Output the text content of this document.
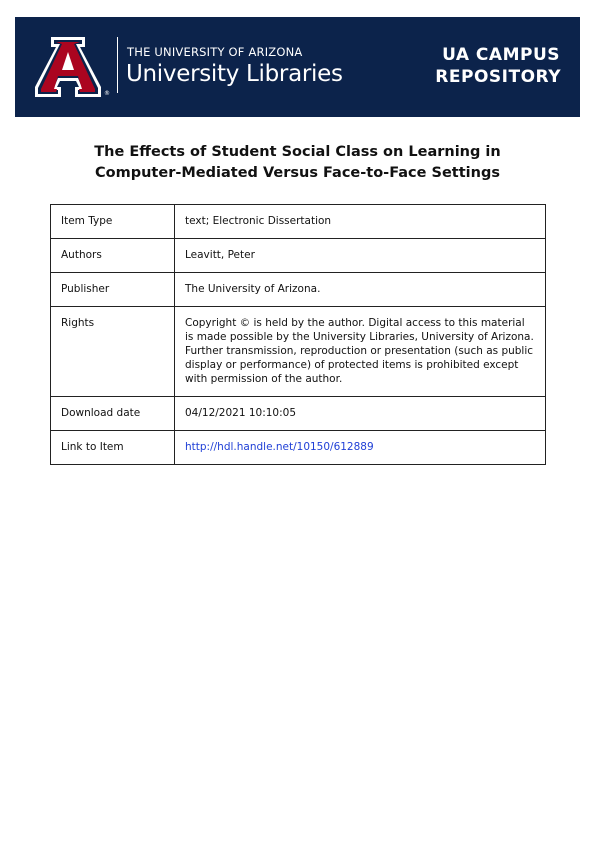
®
THE UNIVERSITY OF ARIZONA
University Libraries
UA CAMPUS
REPOSITORY
The Effects of Student Social Class on Learning in
Computer-Mediated Versus Face-to-Face Settings
Item Type	text; Electronic Dissertation
Authors	Leavitt, Peter
Publisher	The University of Arizona.
Rights	Copyright © is held by the author. Digital access to this material is made possible by the University Libraries, University of Arizona. Further transmission, reproduction or presentation (such as public display or performance) of protected items is prohibited except with permission of the author.
Download date	04/12/2021 10:10:05
Link to Item	http://hdl.handle.net/10150/612889
